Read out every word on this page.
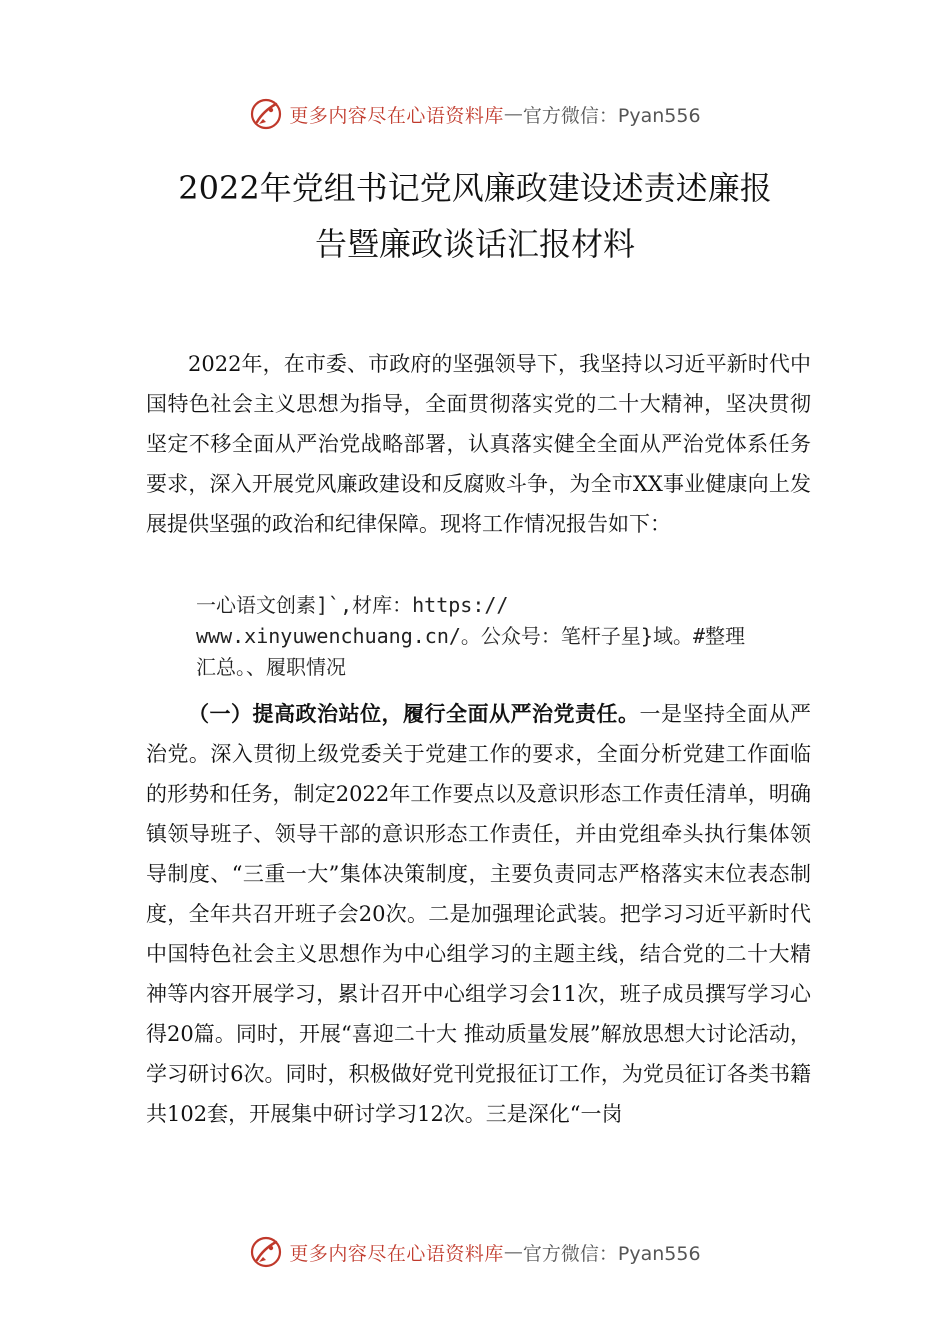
更多内容尽在心语资料库 — 官方微信：Pyan556
2022年党组书记党风廉政建设述责述廉报
告暨廉政谈话汇报材料

2022年，在市委、市政府的坚强领导下，我坚持以习近平新时代中国特色社会主义思想为指导，全面贯彻落实党的二十大精神，坚决贯彻坚定不移全面从严治党战略部署，认真落实健全全面从严治党体系任务要求，深入开展党风廉政建设和反腐败斗争，为全市XX事业健康向上发展提供坚强的政治和纪律保障。现将工作情况报告如下：

一心语文创素]`,材库：https://
www.xinyuwenchuang.cn/。公众号：笔杆子星}域。#整理
汇总。、履职情况

（一）提高政治站位，履行全面从严治党责任。一是坚持全面从严治党。深入贯彻上级党委关于党建工作的要求，全面分析党建工作面临的形势和任务，制定2022年工作要点以及意识形态工作责任清单，明确镇领导班子、领导干部的意识形态工作责任，并由党组牵头执行集体领导制度、“三重一大”集体决策制度，主要负责同志严格落实末位表态制度，全年共召开班子会20次。二是加强理论武装。把学习习近平新时代中国特色社会主义思想作为中心组学习的主题主线，结合党的二十大精神等内容开展学习，累计召开中心组学习会11次，班子成员撰写学习心得20篇。同时，开展“喜迎二十大 推动质量发展”解放思想大讨论活动，学习研讨6次。同时，积极做好党刊党报征订工作，为党员征订各类书籍共102套，开展集中研讨学习12次。三是深化“一岗

更多内容尽在心语资料库 — 官方微信：Pyan556
